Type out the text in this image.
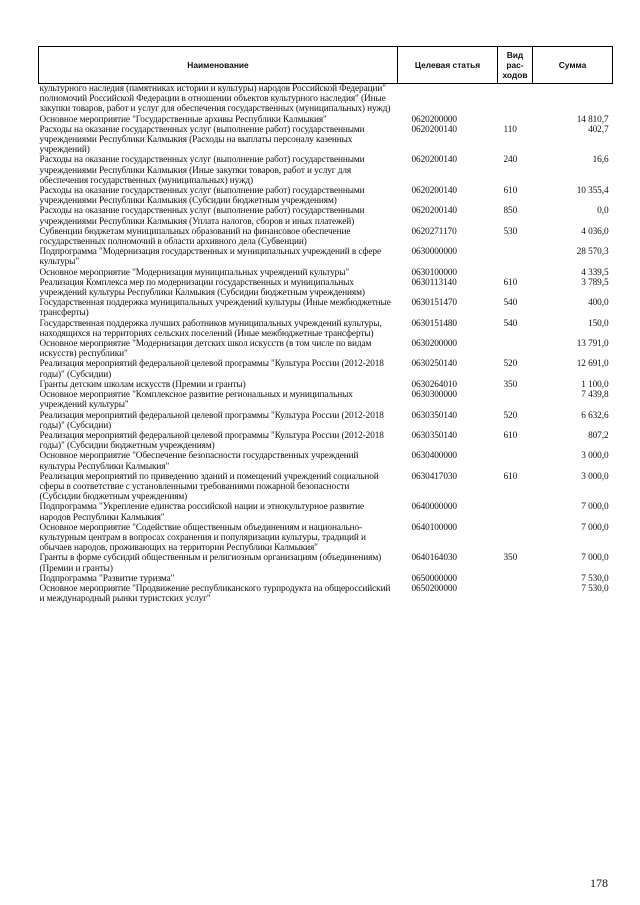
Наименование	Целевая статья	Вид рас-ходов	Сумма
культурного наследия (памятниках истории и культуры) народов Российской Федерации" полномочий Российской Федерации в отношении объектов культурного наследия" (Иные закупки товаров, работ и услуг для обеспечения государственных (муниципальных) нужд)			
Основное мероприятие "Государственные архивы Республики Калмыкия"	0620200000		14 810,7
Расходы на оказание государственных услуг (выполнение работ) государственными учреждениями Республики Калмыкия (Расходы на выплаты персоналу казенных учреждений)	0620200140	110	402,7
Расходы на оказание государственных услуг (выполнение работ) государственными учреждениями Республики Калмыкия (Иные закупки товаров, работ и услуг для обеспечения государственных (муниципальных) нужд)	0620200140	240	16,6
Расходы на оказание государственных услуг (выполнение работ) государственными учреждениями Республики Калмыкия (Субсидии бюджетным учреждениям)	0620200140	610	10 355,4
Расходы на оказание государственных услуг (выполнение работ) государственными учреждениями Республики Калмыкия (Уплата налогов, сборов и иных платежей)	0620200140	850	0,0
Субвенции бюджетам муниципальных образований на финансовое обеспечение государственных полномочий в области архивного дела (Субвенции)	0620271170	530	4 036,0
Подпрограмма "Модернизация государственных и муниципальных учреждений в сфере культуры"	0630000000		28 570,3
Основное мероприятие "Модернизация муниципальных учреждений культуры"	0630100000		4 339,5
Реализация Комплекса мер по модернизации государственных и муниципальных учреждений культуры Республики Калмыкия (Субсидии бюджетным учреждениям)	0630113140	610	3 789,5
Государственная поддержка муниципальных учреждений культуры (Иные межбюджетные трансферты)	0630151470	540	400,0
Государственная поддержка лучших работников муниципальных учреждений культуры, находящихся на территориях сельских поселений (Иные межбюджетные трансферты)	0630151480	540	150,0
Основное мероприятие "Модернизация детских школ искусств (в том числе по видам искусств) республики"	0630200000		13 791,0
Реализация мероприятий федеральной целевой программы "Культура России (2012-2018 годы)" (Субсидии)	0630250140	520	12 691,0
Гранты детским школам искусств (Премии и гранты)	0630264010	350	1 100,0
Основное мероприятие "Комплексное развитие региональных и муниципальных учреждений культуры"	0630300000		7 439,8
Реализация мероприятий федеральной целевой программы "Культура России (2012-2018 годы)" (Субсидии)	0630350140	520	6 632,6
Реализация мероприятий федеральной целевой программы "Культура России (2012-2018 годы)" (Субсидии бюджетным учреждениям)	0630350140	610	807,2
Основное мероприятие "Обеспечение безопасности государственных учреждений культуры Республики Калмыкия"	0630400000		3 000,0
Реализация мероприятий по приведению зданий и помещений учреждений социальной сферы в соответствие с установленными требованиями пожарной безопасности (Субсидии бюджетным учреждениям)	0630417030	610	3 000,0
Подпрограмма "Укрепление единства российской нации и этнокультурное развитие народов Республики Калмыкия"	0640000000		7 000,0
Основное мероприятие "Содействие общественным объединениям и национально-культурным центрам в вопросах сохранения и популяризации культуры, традиций и обычаев народов, проживающих на территории Республики Калмыкия"	0640100000		7 000,0
Гранты в форме субсидий общественным и религиозным организациям (объединениям) (Премии и гранты)	0640164030	350	7 000,0
Подпрограмма "Развитие туризма"	0650000000		7 530,0
Основное мероприятие "Продвижение республиканского турпродукта на общероссийский и международный рынки туристских услуг"	0650200000		7 530,0
178
